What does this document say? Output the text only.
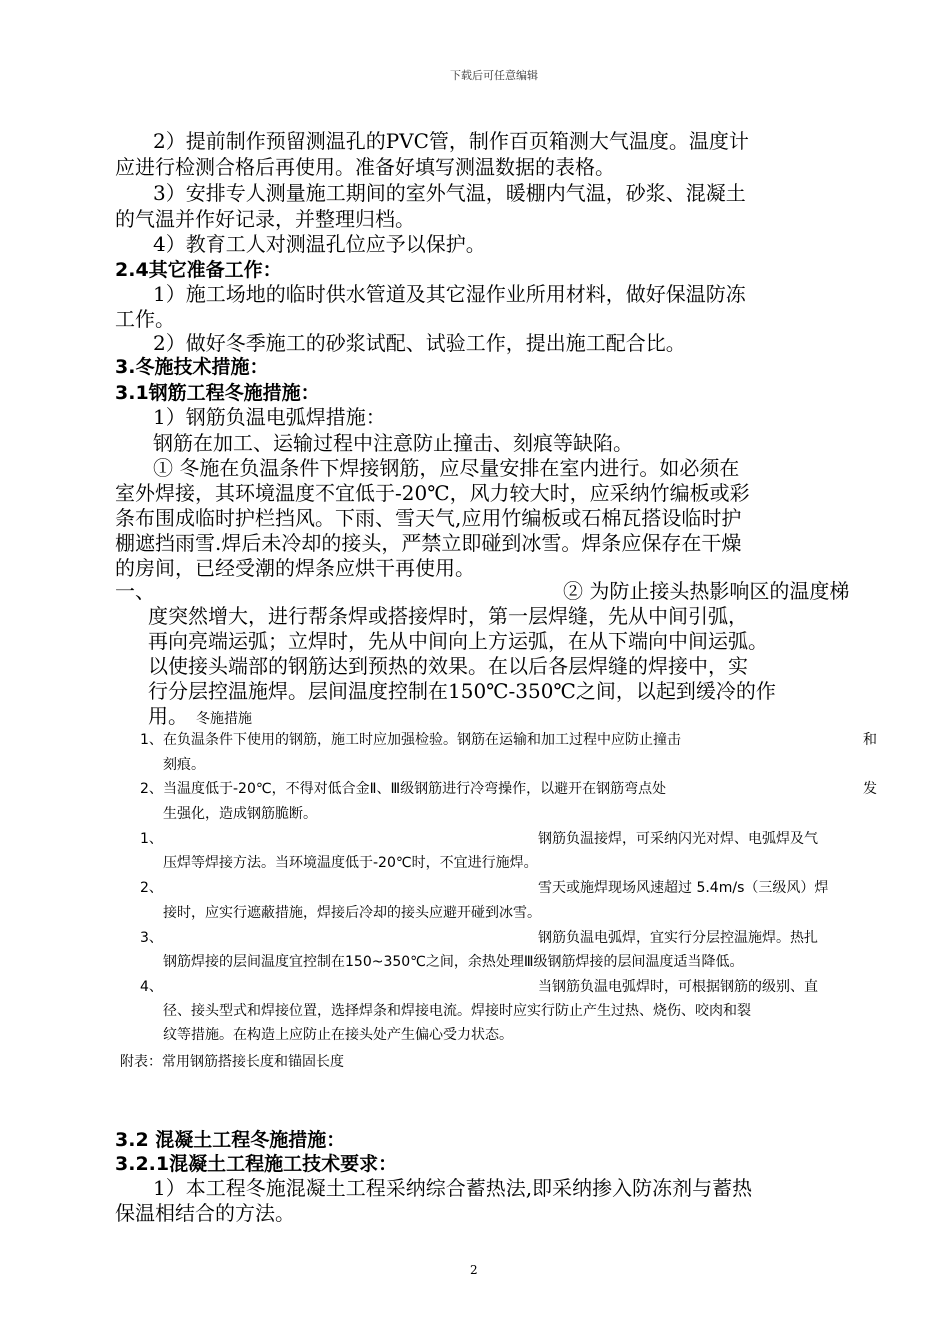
下载后可任意编辑
2）提前制作预留测温孔的PVC管，制作百页箱测大气温度。温度计
应进行检测合格后再使用。准备好填写测温数据的表格。
3）安排专人测量施工期间的室外气温，暖棚内气温，砂浆、混凝土
的气温并作好记录，并整理归档。
4）教育工人对测温孔位应予以保护。
2.4其它准备工作：
1）施工场地的临时供水管道及其它湿作业所用材料，做好保温防冻
工作。
2）做好冬季施工的砂浆试配、试验工作，提出施工配合比。
3.冬施技术措施：
3.1钢筋工程冬施措施：
1）钢筋负温电弧焊措施：
钢筋在加工、运输过程中注意防止撞击、刻痕等缺陷。
① 冬施在负温条件下焊接钢筋，应尽量安排在室内进行。如必须在
室外焊接，其环境温度不宜低于-20℃，风力较大时，应采纳竹编板或彩
条布围成临时护栏挡风。下雨、雪天气,应用竹编板或石棉瓦搭设临时护
棚遮挡雨雪.焊后未冷却的接头，严禁立即碰到冰雪。焊条应保存在干燥
的房间，已经受潮的焊条应烘干再使用。
一、	② 为防止接头热影响区的温度梯
度突然增大，进行帮条焊或搭接焊时，第一层焊缝，先从中间引弧，
再向亮端运弧；立焊时，先从中间向上方运弧，在从下端向中间运弧。
以使接头端部的钢筋达到预热的效果。在以后各层焊缝的焊接中，实
行分层控温施焊。层间温度控制在150℃-350℃之间，以起到缓冷的作
用。 冬施措施
1、 在负温条件下使用的钢筋，施工时应加强检验。钢筋在运输和加工过程中应防止撞击	和
刻痕。
2、 当温度低于-20℃，不得对低合金Ⅱ、Ⅲ级钢筋进行冷弯操作，以避开在钢筋弯点处	发
生强化，造成钢筋脆断。
1、	钢筋负温接焊，可采纳闪光对焊、电弧焊及气
压焊等焊接方法。当环境温度低于-20℃时，不宜进行施焊。
2、	雪天或施焊现场风速超过 5.4m/s（三级风）焊
接时，应实行遮蔽措施，焊接后冷却的接头应避开碰到冰雪。
3、	钢筋负温电弧焊，宜实行分层控温施焊。热扎
钢筋焊接的层间温度宜控制在150~350℃之间，余热处理Ⅲ级钢筋焊接的层间温度适当降低。
4、	当钢筋负温电弧焊时，可根据钢筋的级别、直
径、接头型式和焊接位置，选择焊条和焊接电流。焊接时应实行防止产生过热、烧伤、咬肉和裂
纹等措施。在构造上应防止在接头处产生偏心受力状态。
附表：常用钢筋搭接长度和锚固长度
3.2 混凝土工程冬施措施：
3.2.1混凝土工程施工技术要求：
1）本工程冬施混凝土工程采纳综合蓄热法,即采纳掺入防冻剂与蓄热
保温相结合的方法。
2
